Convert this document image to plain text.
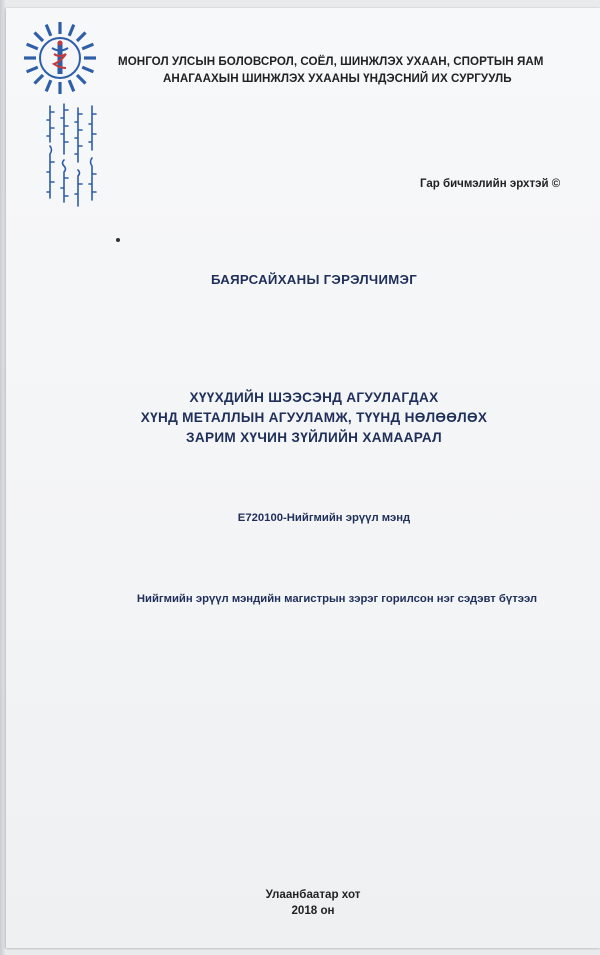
МОНГОЛ УЛСЫН БОЛОВСРОЛ, СОЁЛ, ШИНЖЛЭХ УХААН, СПОРТЫН ЯАМ
АНАГААХЫН ШИНЖЛЭХ УХААНЫ ҮНДЭСНИЙ ИХ СУРГУУЛЬ
Гар бичмэлийн эрхтэй ©
БАЯРСАЙХАНЫ ГЭРЭЛЧИМЭГ
ХҮҮХДИЙН ШЭЭСЭНД АГУУЛАГДАХ
ХҮНД МЕТАЛЛЫН АГУУЛАМЖ, ТҮҮНД НӨЛӨӨЛӨХ
ЗАРИМ ХҮЧИН ЗҮЙЛИЙН ХАМААРАЛ
Е720100-Нийгмийн эрүүл мэнд
Нийгмийн эрүүл мэндийн магистрын зэрэг горилсон нэг сэдэвт бүтээл
Улаанбаатар хот
2018 он
